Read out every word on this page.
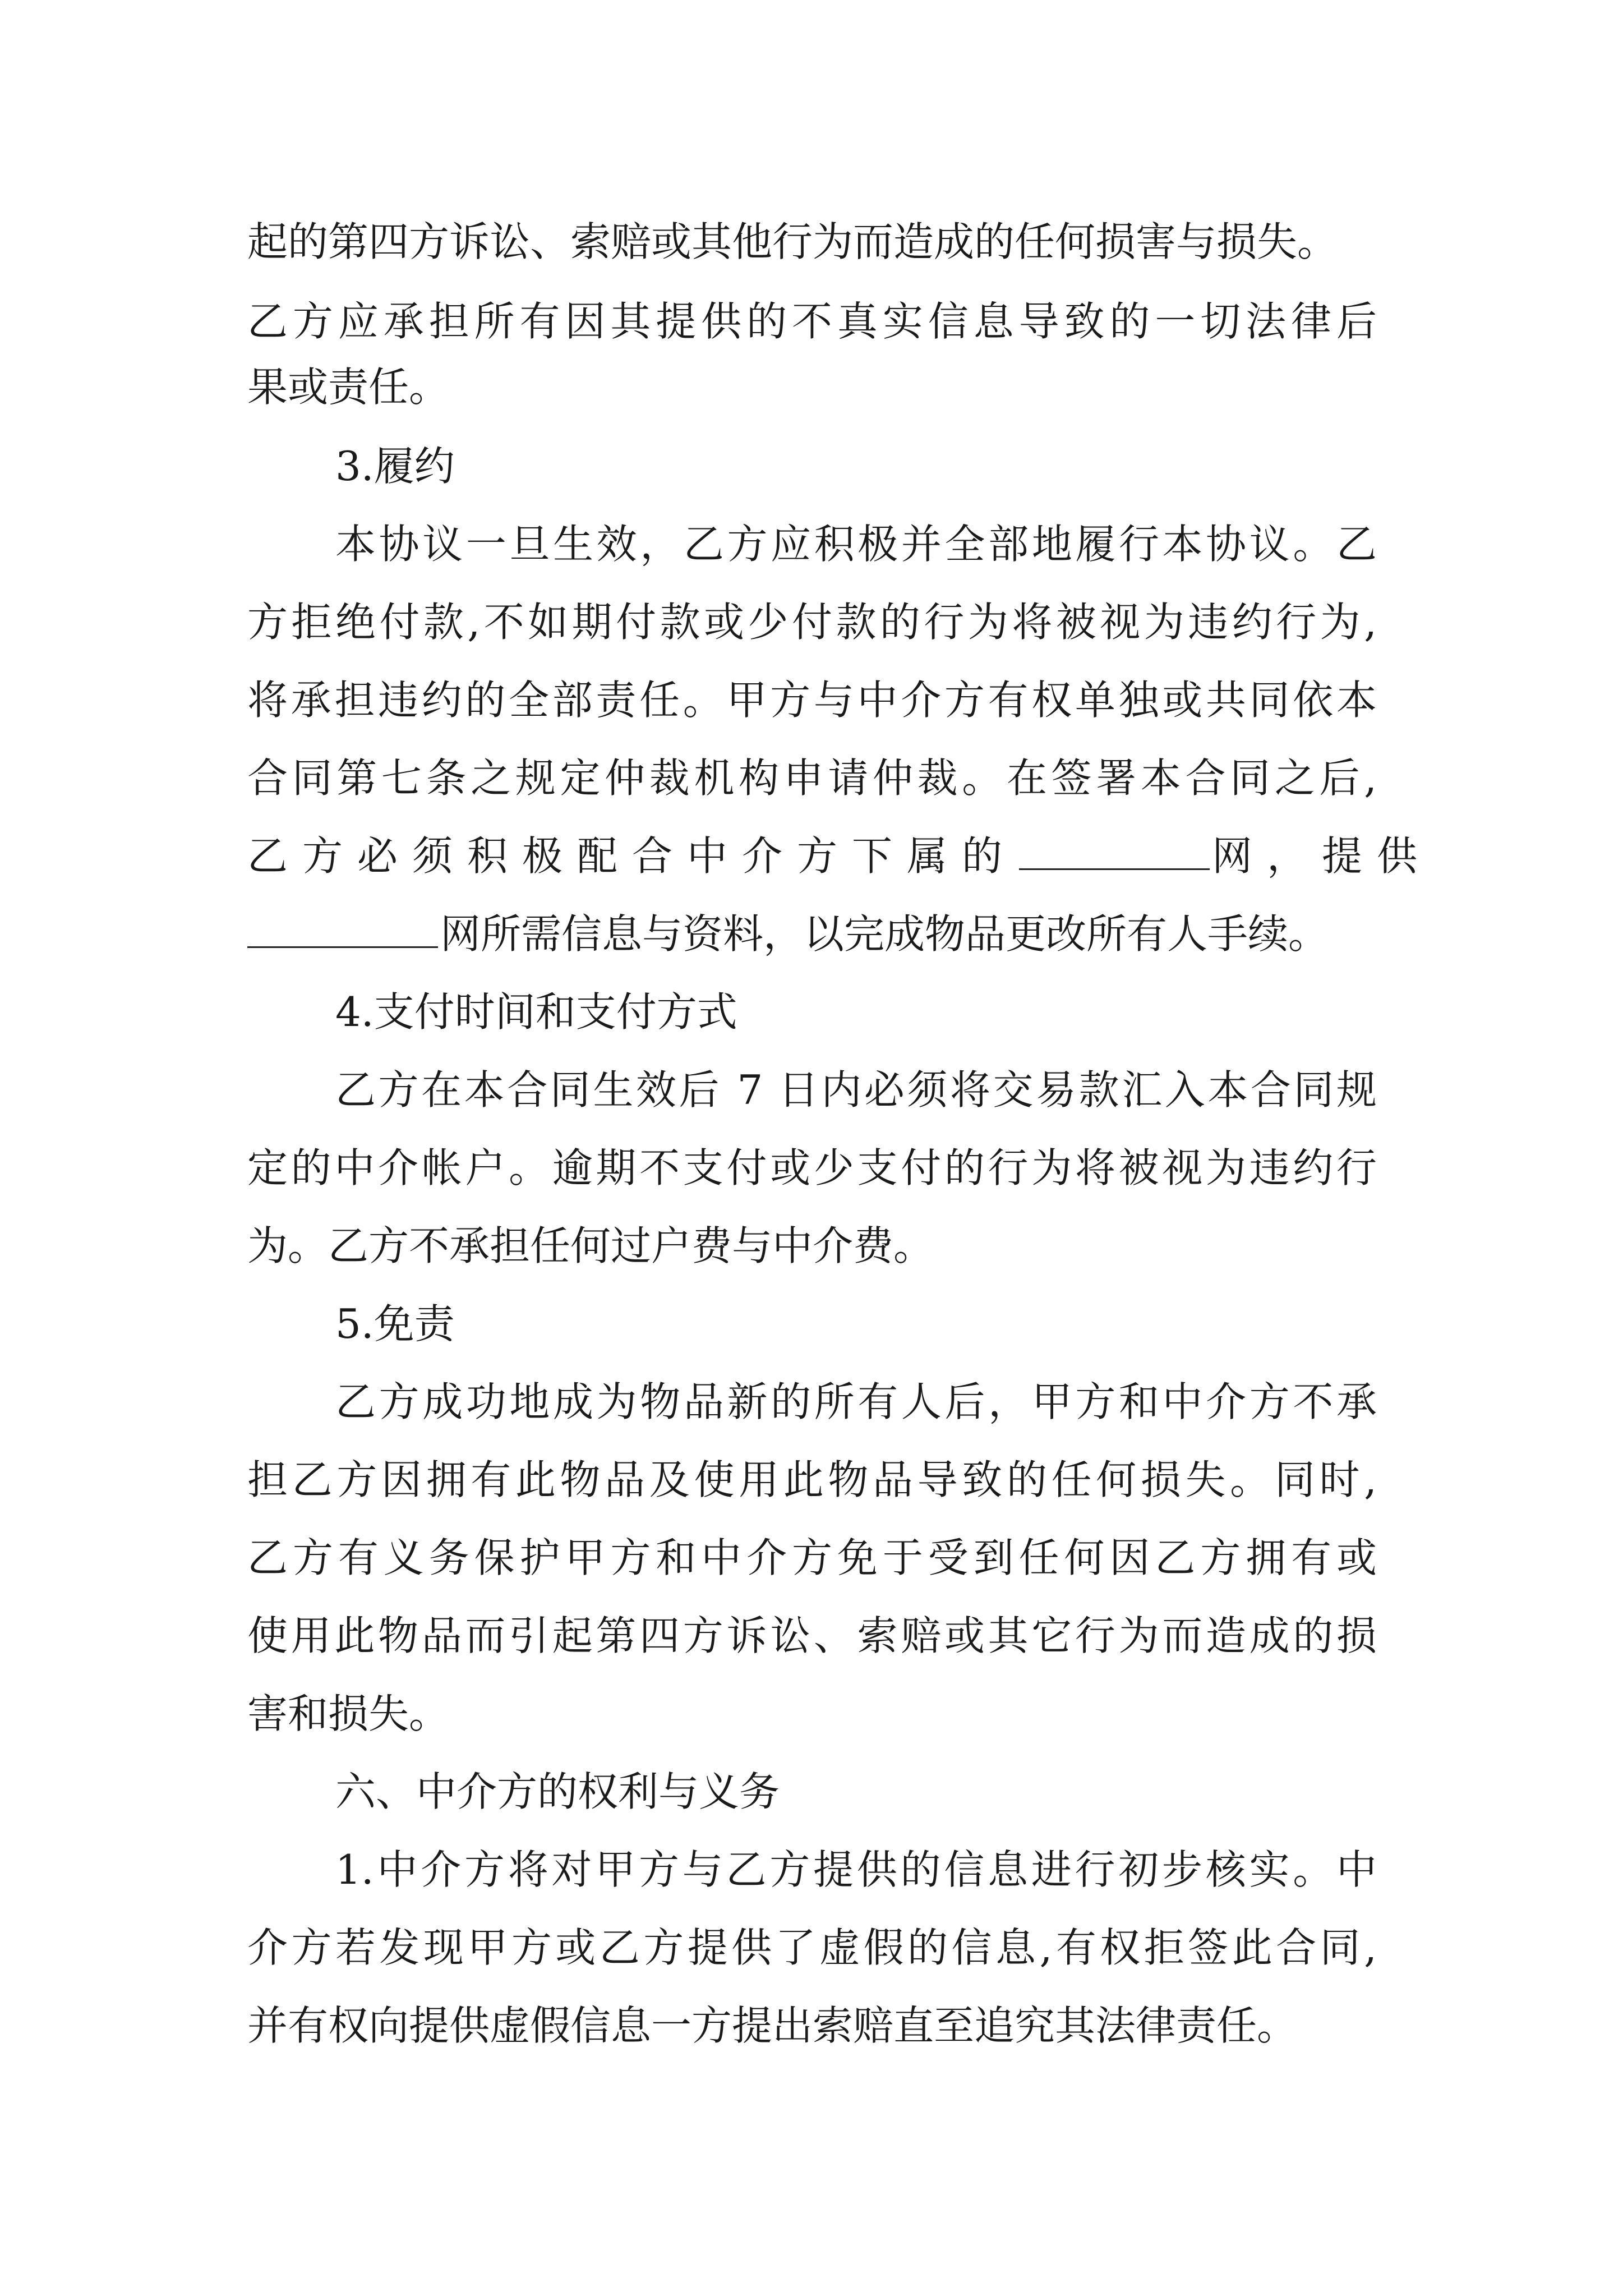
起的第四方诉讼、索赔或其他行为而造成的任何损害与损失。
乙方应承担所有因其提供的不真实信息导致的一切法律后
果或责任。
3.履约
本协议一旦生效，乙方应积极并全部地履行本协议。乙
方拒绝付款,不如期付款或少付款的行为将被视为违约行为,
将承担违约的全部责任。甲方与中介方有权单独或共同依本
合同第七条之规定仲裁机构申请仲裁。在签署本合同之后,
乙方必须积极配合中介方下属的	网，提供
网所需信息与资料，以完成物品更改所有人手续。
4.支付时间和支付方式
乙方在本合同生效后 7 日内必须将交易款汇入本合同规
定的中介帐户。逾期不支付或少支付的行为将被视为违约行
为。乙方不承担任何过户费与中介费。
5.免责
乙方成功地成为物品新的所有人后，甲方和中介方不承
担乙方因拥有此物品及使用此物品导致的任何损失。同时,
乙方有义务保护甲方和中介方免于受到任何因乙方拥有或
使用此物品而引起第四方诉讼、索赔或其它行为而造成的损
害和损失。
六、中介方的权利与义务
1.中介方将对甲方与乙方提供的信息进行初步核实。中
介方若发现甲方或乙方提供了虚假的信息,有权拒签此合同,
并有权向提供虚假信息一方提出索赔直至追究其法律责任。
